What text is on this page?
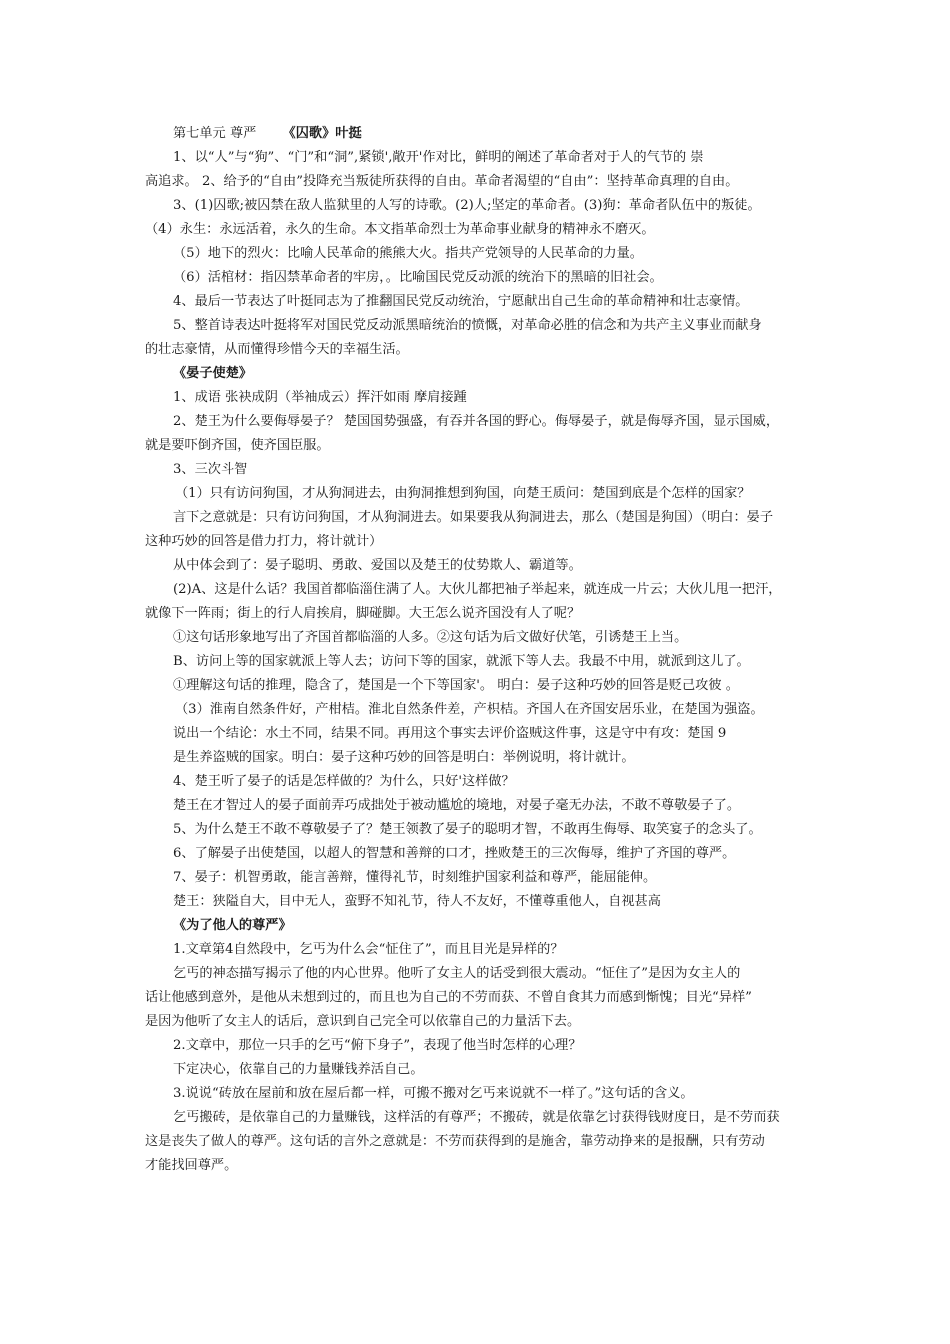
第七单元 尊严 《囚歌》叶挺
1、以“人”与“狗”、“门”和“洞”,紧锁',敞开'作对比，鲜明的阐述了革命者对于人的气节的 崇
高追求。 2、给予的“自由”投降充当叛徒所获得的自由。革命者渴望的“自由”：坚持革命真理的自由。
3、(1)囚歌;被囚禁在敌人监狱里的人写的诗歌。(2)人;坚定的革命者。(3)狗：革命者队伍中的叛徒。
（4）永生：永远活着，永久的生命。本文指革命烈士为革命事业献身的精神永不磨灭。
（5）地下的烈火：比喻人民革命的熊熊大火。指共产党领导的人民革命的力量。
（6）活棺材：指囚禁革命者的牢房，。比喻国民党反动派的统治下的黑暗的旧社会。
4、最后一节表达了叶挺同志为了推翻国民党反动统治，宁愿献出自己生命的革命精神和壮志豪情。
5、整首诗表达叶挺将军对国民党反动派黑暗统治的愤慨，对革命必胜的信念和为共产主义事业而献身
的壮志豪情，从而懂得珍惜今天的幸福生活。
《晏子使楚》
1、成语 张袂成阴（举袖成云）挥汗如雨 摩肩接踵
2、楚王为什么要侮辱晏子？ 楚国国势强盛，有吞并各国的野心。侮辱晏子，就是侮辱齐国，显示国威，
就是要吓倒齐国，使齐国臣服。
3、三次斗智
（1）只有访问狗国，才从狗洞进去，由狗洞推想到狗国，向楚王质问：楚国到底是个怎样的国家？
言下之意就是：只有访问狗国，才从狗洞进去。如果要我从狗洞进去，那么（楚国是狗国）（明白：晏子
这种巧妙的回答是借力打力，将计就计）
从中体会到了：晏子聪明、勇敢、爱国以及楚王的仗势欺人、霸道等。
(2)A、这是什么话？我国首都临淄住满了人。大伙儿都把袖子举起来，就连成一片云；大伙儿甩一把汗，
就像下一阵雨；街上的行人肩挨肩，脚碰脚。大王怎么说齐国没有人了呢？
①这句话形象地写出了齐国首都临淄的人多。②这句话为后文做好伏笔，引诱楚王上当。
B、访问上等的国家就派上等人去；访问下等的国家，就派下等人去。我最不中用，就派到这儿了。
①理解这句话的推理，隐含了，楚国是一个下等国家'。 明白：晏子这种巧妙的回答是贬己攻彼 。
（3）淮南自然条件好，产柑桔。淮北自然条件差，产枳桔。齐国人在齐国安居乐业，在楚国为强盗。
说出一个结论：水土不同，结果不同。再用这个事实去评价盗贼这件事，这是守中有攻：楚国 9
是生养盗贼的国家。明白：晏子这种巧妙的回答是明白：举例说明，将计就计。
4、楚王听了晏子的话是怎样做的？为什么，只好'这样做？
楚王在才智过人的晏子面前弄巧成拙处于被动尴尬的境地，对晏子毫无办法，不敢不尊敬晏子了。
5、为什么楚王不敢不尊敬晏子了？楚王领教了晏子的聪明才智，不敢再生侮辱、取笑宴子的念头了。
6、了解晏子出使楚国，以超人的智慧和善辩的口才，挫败楚王的三次侮辱，维护了齐国的尊严。
7、晏子：机智勇敢，能言善辩，懂得礼节，时刻维护国家利益和尊严，能屈能伸。
楚王：狭隘自大，目中无人，蛮野不知礼节，待人不友好，不懂尊重他人，自视甚高
《为了他人的尊严》
1.文章第4自然段中，乞丐为什么会“怔住了”，而且目光是异样的？
乞丐的神态描写揭示了他的内心世界。他听了女主人的话受到很大震动。“怔住了”是因为女主人的
话让他感到意外，是他从未想到过的，而且也为自己的不劳而获、不曾自食其力而感到惭愧；目光“异样”
是因为他听了女主人的话后，意识到自己完全可以依靠自己的力量活下去。
2.文章中，那位一只手的乞丐“俯下身子”，表现了他当时怎样的心理？
下定决心，依靠自己的力量赚钱养活自己。
3.说说“砖放在屋前和放在屋后都一样，可搬不搬对乞丐来说就不一样了。”这句话的含义。
乞丐搬砖，是依靠自己的力量赚钱，这样活的有尊严；不搬砖，就是依靠乞讨获得钱财度日，是不劳而获
这是丧失了做人的尊严。这句话的言外之意就是：不劳而获得到的是施舍，靠劳动挣来的是报酬，只有劳动
才能找回尊严。
